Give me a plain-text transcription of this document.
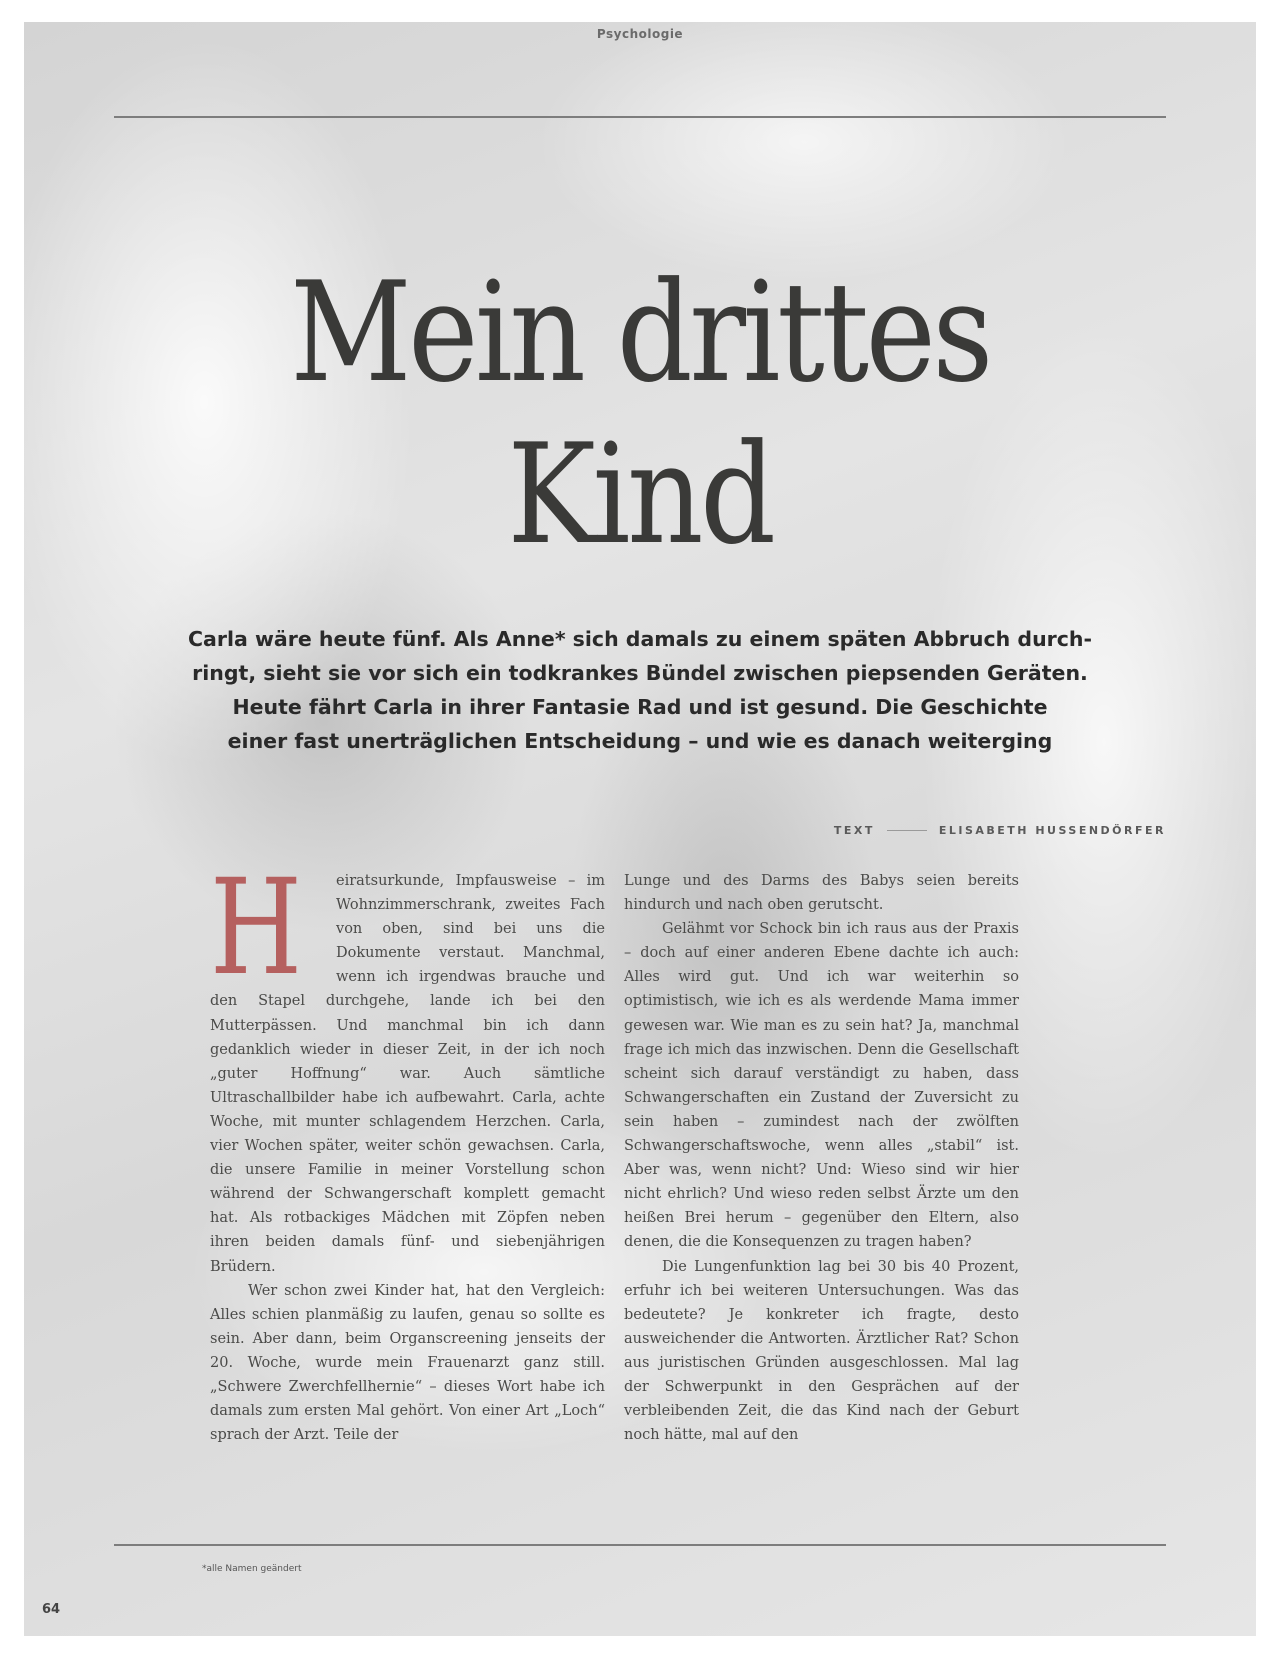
Psychologie
Mein drittes
Kind
Carla wäre heute fünf. Als Anne* sich damals zu einem späten Abbruch durch-
ringt, sieht sie vor sich ein todkrankes Bündel zwischen piepsenden Geräten.
Heute fährt Carla in ihrer Fantasie Rad und ist gesund. Die Geschichte
einer fast unerträglichen Entscheidung – und wie es danach weiterging
TEXT	ELISABETH HUSSENDÖRFER

H eiratsurkunde, Impfausweise – im Wohnzimmerschrank, zweites Fach von oben, sind bei uns die Dokumente verstaut. Manchmal, wenn ich irgendwas brauche und den Stapel durchgehe, lande ich bei den Mutterpässen. Und manchmal bin ich dann gedanklich wieder in dieser Zeit, in der ich noch „guter Hoffnung“ war. Auch sämtliche Ultraschallbilder habe ich aufbewahrt. Carla, achte Woche, mit munter schlagendem Herzchen. Carla, vier Wochen später, weiter schön gewachsen. Carla, die unsere Familie in meiner Vorstellung schon während der Schwangerschaft komplett gemacht hat. Als rotbackiges Mädchen mit Zöpfen neben ihren beiden damals fünf- und siebenjährigen Brüdern.

Wer schon zwei Kinder hat, hat den Vergleich: Alles schien planmäßig zu laufen, genau so sollte es sein. Aber dann, beim Organscreening jenseits der 20. Woche, wurde mein Frauenarzt ganz still. „Schwere Zwerchfellhernie“ – dieses Wort habe ich damals zum ersten Mal gehört. Von einer Art „Loch“ sprach der Arzt. Teile der

Lunge und des Darms des Babys seien bereits hindurch und nach oben gerutscht.

Gelähmt vor Schock bin ich raus aus der Praxis – doch auf einer anderen Ebene dachte ich auch: Alles wird gut. Und ich war weiterhin so optimistisch, wie ich es als werdende Mama immer gewesen war. Wie man es zu sein hat? Ja, manchmal frage ich mich das inzwischen. Denn die Gesellschaft scheint sich darauf verständigt zu haben, dass Schwangerschaften ein Zustand der Zuversicht zu sein haben – zumindest nach der zwölften Schwangerschaftswoche, wenn alles „stabil“ ist. Aber was, wenn nicht? Und: Wieso sind wir hier nicht ehrlich? Und wieso reden selbst Ärzte um den heißen Brei herum – gegenüber den Eltern, also denen, die die Konsequenzen zu tragen haben?

Die Lungenfunktion lag bei 30 bis 40 Prozent, erfuhr ich bei weiteren Untersuchungen. Was das bedeutete? Je konkreter ich fragte, desto ausweichender die Antworten. Ärztlicher Rat? Schon aus juristischen Gründen ausgeschlossen. Mal lag der Schwerpunkt in den Gesprächen auf der verbleibenden Zeit, die das Kind nach der Geburt noch hätte, mal auf den

*alle Namen geändert
64
